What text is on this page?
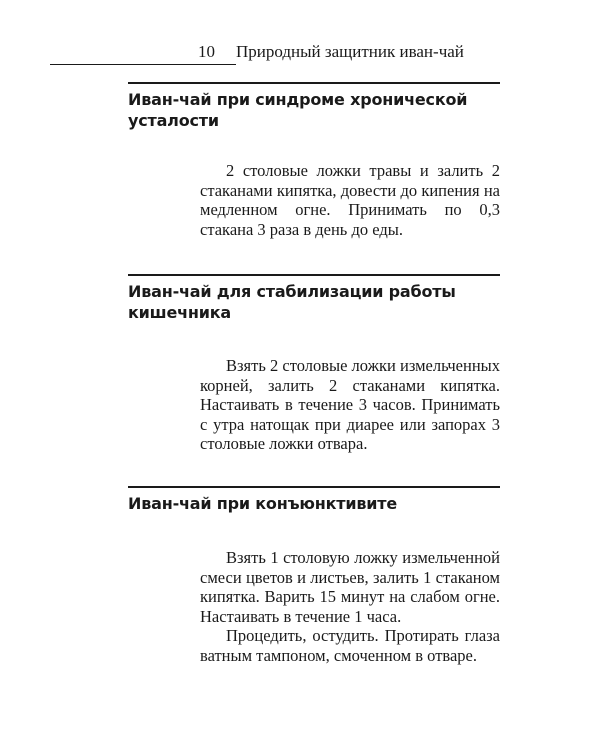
10 Природный защитник иван-чай
Иван-чай при синдроме хронической усталости

2 столовые ложки травы и залить 2 стаканами кипятка, довести до кипения на медленном огне. Принимать по 0,3 стакана 3 раза в день до еды.

Иван-чай для стабилизации работы кишечника

Взять 2 столовые ложки измельченных корней, залить 2 стаканами кипятка. Настаивать в течение 3 часов. Принимать с утра натощак при диарее или запорах 3 столовые ложки отвара.

Иван-чай при конъюнктивите

Взять 1 столовую ложку измельченной смеси цветов и листьев, залить 1 стаканом кипятка. Варить 15 минут на слабом огне. Настаивать в течение 1 часа.

Процедить, остудить. Протирать глаза ватным тампоном, смоченном в отваре.
